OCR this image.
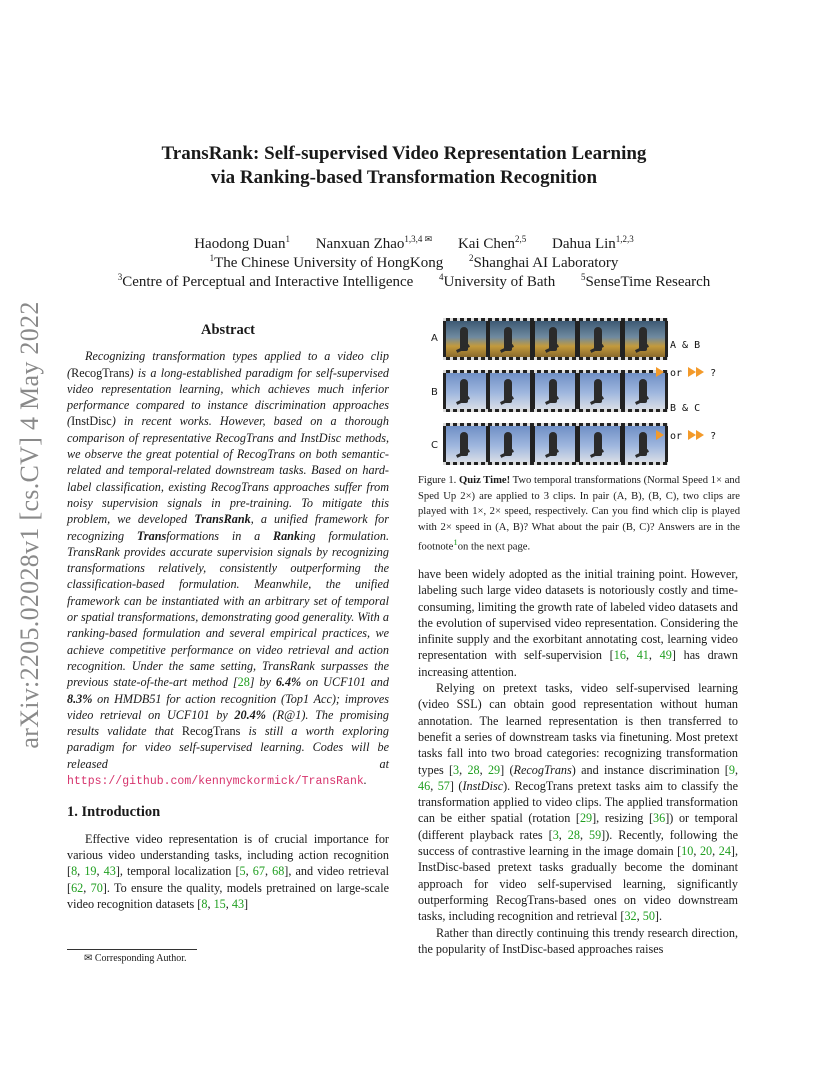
arXiv:2205.02028v1 [cs.CV] 4 May 2022
TransRank: Self-supervised Video Representation Learning
via Ranking-based Transformation Recognition
Haodong Duan$^1$ Nanxuan Zhao$^{1,3,4 ✉}$ Kai Chen$^{2,5}$ Dahua Lin$^{1,2,3}$
$^1$The Chinese University of HongKong	$^2$Shanghai AI Laboratory
$^3$Centre of Perceptual and Interactive Intelligence	$^4$University of Bath	$^5$SenseTime Research

Abstract

Recognizing transformation types applied to a video clip (RecogTrans) is a long-established paradigm for self-supervised video representation learning, which achieves much inferior performance compared to instance discrimination approaches (InstDisc) in recent works. However, based on a thorough comparison of representative RecogTrans and InstDisc methods, we observe the great potential of RecogTrans on both semantic-related and temporal-related downstream tasks. Based on hard-label classification, existing RecogTrans approaches suffer from noisy supervision signals in pre-training. To mitigate this problem, we developed TransRank, a unified framework for recognizing Transformations in a Ranking formulation. TransRank provides accurate supervision signals by recognizing transformations relatively, consistently outperforming the classification-based formulation. Meanwhile, the unified framework can be instantiated with an arbitrary set of temporal or spatial transformations, demonstrating good generality. With a ranking-based formulation and several empirical practices, we achieve competitive performance on video retrieval and action recognition. Under the same setting, TransRank surpasses the previous state-of-the-art method [28] by 6.4% on UCF101 and 8.3% on HMDB51 for action recognition (Top1 Acc); improves video retrieval on UCF101 by 20.4% (R@1). The promising results validate that RecogTrans is still a worth exploring paradigm for video self-supervised learning. Codes will be released at https://github.com/kennymckormick/TransRank.

1. Introduction

Effective video representation is of crucial importance for various video understanding tasks, including action recognition [8, 19, 43], temporal localization [5, 67, 68], and video retrieval [62, 70]. To ensure the quality, models pretrained on large-scale video recognition datasets [8, 15, 43]

✉ Corresponding Author.
A
B
C
A & B
or	?
B & C
or	?
Figure 1. Quiz Time! Two temporal transformations (Normal Speed 1× and Sped Up 2×) are applied to 3 clips. In pair (A, B), (B, C), two clips are played with 1×, 2× speed, respectively. Can you find which clip is played with 2× speed in (A, B)? What about the pair (B, C)? Answers are in the footnote$^1$on the next page.

have been widely adopted as the initial training point. However, labeling such large video datasets is notoriously costly and time-consuming, limiting the growth rate of labeled video datasets and the evolution of supervised video representation. Considering the infinite supply and the exorbitant annotating cost, learning video representation with self-supervision [16, 41, 49] has drawn increasing attention.

Relying on pretext tasks, video self-supervised learning (video SSL) can obtain good representation without human annotation. The learned representation is then transferred to benefit a series of downstream tasks via finetuning. Most pretext tasks fall into two broad categories: recognizing transformation types [3, 28, 29] (RecogTrans) and instance discrimination [9, 46, 57] (InstDisc). RecogTrans pretext tasks aim to classify the transformation applied to video clips. The applied transformation can be either spatial (rotation [29], resizing [36]) or temporal (different playback rates [3, 28, 59]). Recently, following the success of contrastive learning in the image domain [10, 20, 24], InstDisc-based pretext tasks gradually become the dominant approach for video self-supervised learning, significantly outperforming RecogTrans-based ones on video downstream tasks, including recognition and retrieval [32, 50].

Rather than directly continuing this trendy research direction, the popularity of InstDisc-based approaches raises
